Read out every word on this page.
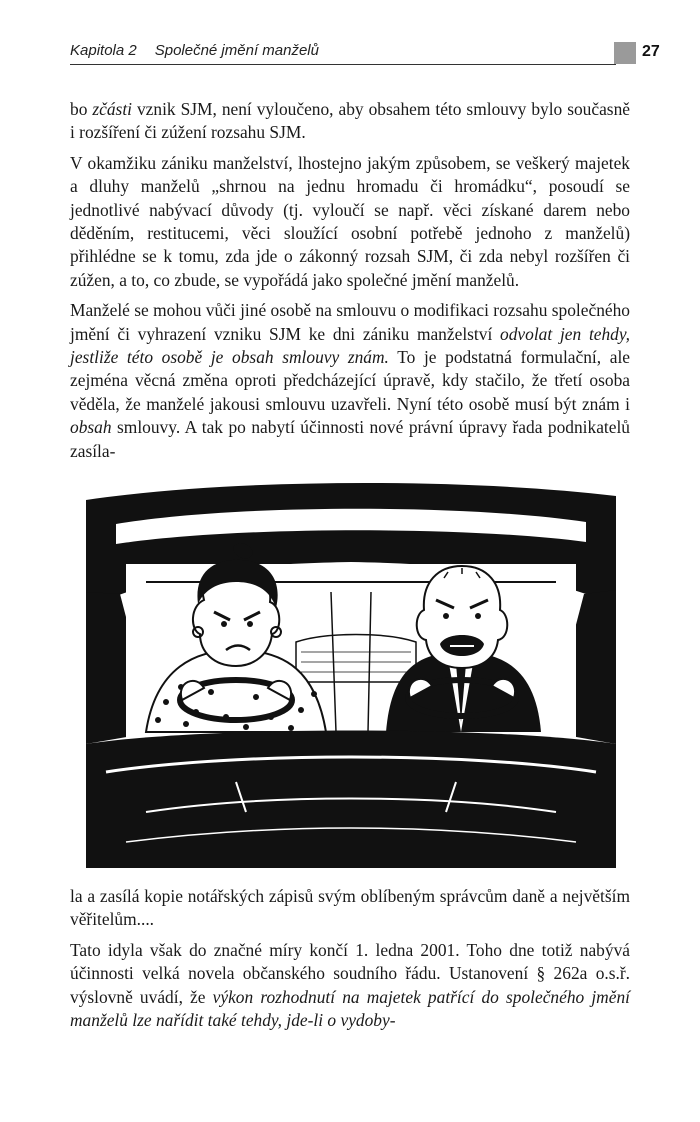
Kapitola 2 Společné jmění manželů	27

bo zčásti vznik SJM, není vyloučeno, aby obsahem této smlouvy bylo současně i rozšíření či zúžení rozsahu SJM.

V okamžiku zániku manželství, lhostejno jakým způsobem, se veškerý majetek a dluhy manželů „shrnou na jednu hromadu či hromádku“, posoudí se jednotlivé nabývací důvody (tj. vyloučí se např. věci získané darem nebo děděním, restitucemi, věci sloužící osobní potřebě jednoho z manželů) přihlédne se k tomu, zda jde o zákonný rozsah SJM, či zda nebyl rozšířen či zúžen, a to, co zbude, se vypořádá jako společné jmění manželů.

Manželé se mohou vůči jiné osobě na smlouvu o modifikaci rozsahu společného jmění či vyhrazení vzniku SJM ke dni zániku manželství odvolat jen tehdy, jestliže této osobě je obsah smlouvy znám. To je podstatná formulační, ale zejména věcná změna oproti předcházející úpravě, kdy stačilo, že třetí osoba věděla, že manželé jakousi smlouvu uzavřeli. Nyní této osobě musí být znám i obsah smlouvy. A tak po nabytí účinnosti nové právní úpravy řada podnikatelů zasíla-

la a zasílá kopie notářských zápisů svým oblíbeným správcům daně a největším věřitelům....

Tato idyla však do značné míry končí 1. ledna 2001. Toho dne totiž nabývá účinnosti velká novela občanského soudního řádu. Ustanovení § 262a o.s.ř. výslovně uvádí, že výkon rozhodnutí na majetek patřící do společného jmění manželů lze nařídit také tehdy, jde-li o vydoby-
